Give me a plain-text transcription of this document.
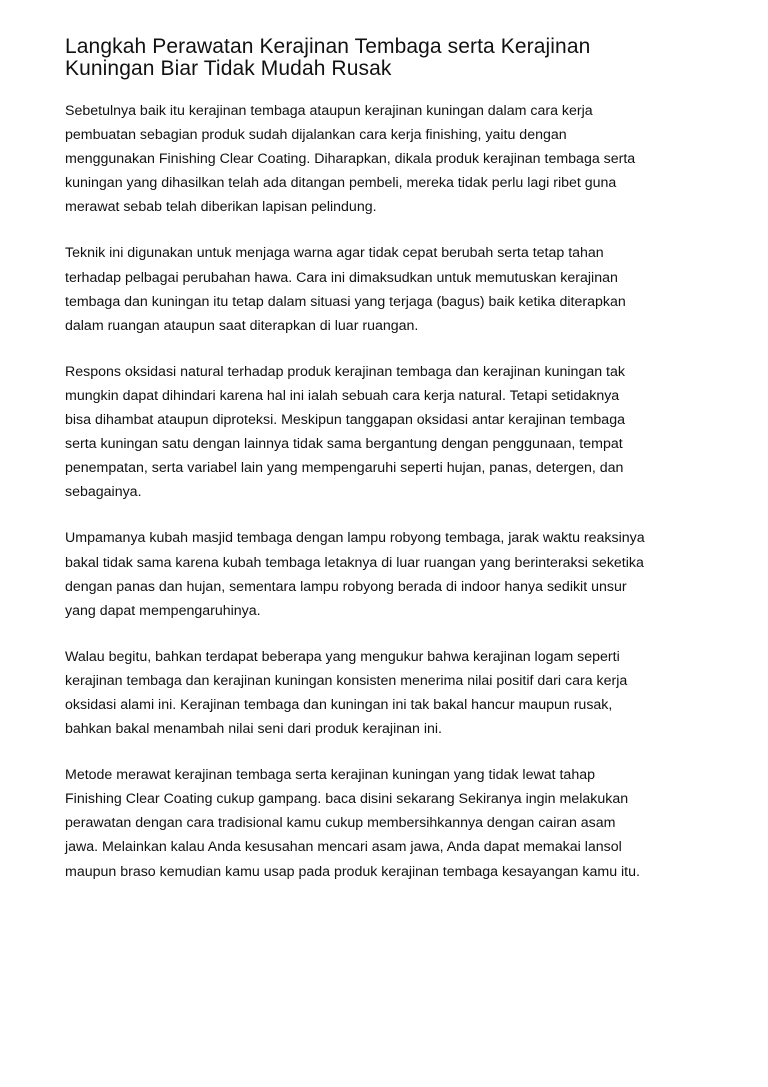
Langkah Perawatan Kerajinan Tembaga serta Kerajinan
Kuningan Biar Tidak Mudah Rusak

Sebetulnya baik itu kerajinan tembaga ataupun kerajinan kuningan dalam cara kerja
pembuatan sebagian produk sudah dijalankan cara kerja finishing, yaitu dengan
menggunakan Finishing Clear Coating. Diharapkan, dikala produk kerajinan tembaga serta
kuningan yang dihasilkan telah ada ditangan pembeli, mereka tidak perlu lagi ribet guna
merawat sebab telah diberikan lapisan pelindung.

Teknik ini digunakan untuk menjaga warna agar tidak cepat berubah serta tetap tahan
terhadap pelbagai perubahan hawa. Cara ini dimaksudkan untuk memutuskan kerajinan
tembaga dan kuningan itu tetap dalam situasi yang terjaga (bagus) baik ketika diterapkan
dalam ruangan ataupun saat diterapkan di luar ruangan.

Respons oksidasi natural terhadap produk kerajinan tembaga dan kerajinan kuningan tak
mungkin dapat dihindari karena hal ini ialah sebuah cara kerja natural. Tetapi setidaknya
bisa dihambat ataupun diproteksi. Meskipun tanggapan oksidasi antar kerajinan tembaga
serta kuningan satu dengan lainnya tidak sama bergantung dengan penggunaan, tempat
penempatan, serta variabel lain yang mempengaruhi seperti hujan, panas, detergen, dan
sebagainya.

Umpamanya kubah masjid tembaga dengan lampu robyong tembaga, jarak waktu reaksinya
bakal tidak sama karena kubah tembaga letaknya di luar ruangan yang berinteraksi seketika
dengan panas dan hujan, sementara lampu robyong berada di indoor hanya sedikit unsur
yang dapat mempengaruhinya.

Walau begitu, bahkan terdapat beberapa yang mengukur bahwa kerajinan logam seperti
kerajinan tembaga dan kerajinan kuningan konsisten menerima nilai positif dari cara kerja
oksidasi alami ini. Kerajinan tembaga dan kuningan ini tak bakal hancur maupun rusak,
bahkan bakal menambah nilai seni dari produk kerajinan ini.

Metode merawat kerajinan tembaga serta kerajinan kuningan yang tidak lewat tahap
Finishing Clear Coating cukup gampang. baca disini sekarang Sekiranya ingin melakukan
perawatan dengan cara tradisional kamu cukup membersihkannya dengan cairan asam
jawa. Melainkan kalau Anda kesusahan mencari asam jawa, Anda dapat memakai lansol
maupun braso kemudian kamu usap pada produk kerajinan tembaga kesayangan kamu itu.
